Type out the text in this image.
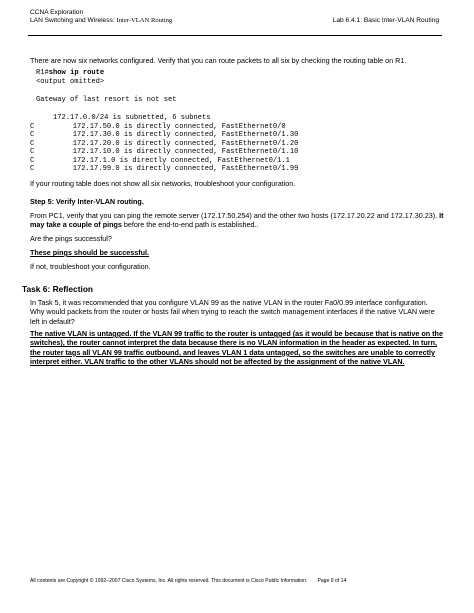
CCNA Exploration
LAN Switching and Wireless: Inter-VLAN Routing	Lab 6.4.1: Basic Inter-VLAN Routing
There are now six networks configured. Verify that you can route packets to all six by checking the routing table on R1.
R1#show ip route
<output omitted>
Gateway of last resort is not set
172.17.0.0/24 is subnetted, 6 subnets
C	172.17.50.0 is directly connected, FastEthernet0/0
C	172.17.30.0 is directly connected, FastEthernet0/1.30
C	172.17.20.0 is directly connected, FastEthernet0/1.20
C	172.17.10.0 is directly connected, FastEthernet0/1.10
C	172.17.1.0 is directly connected, FastEthernet0/1.1
C	172.17.99.0 is directly connected, FastEthernet0/1.99
If your routing table does not show all six networks, troubleshoot your configuration.
Step 5: Verify Inter-VLAN routing.
From PC1, verify that you can ping the remote server (172.17.50.254) and the other two hosts (172.17.20.22 and 172.17.30.23). It may take a couple of pings before the end-to-end path is established..
Are the pings successful?
These pings should be successful.
If not, troubleshoot your configuration.
Task 6: Reflection
In Task 5, it was recommended that you configure VLAN 99 as the native VLAN in the router Fa0/0.99 interface configuration. Why would packets from the router or hosts fail when trying to reach the switch management interfaces if the native VLAN were left in default?
The native VLAN is untagged. If the VLAN 99 traffic to the router is untagged (as it would be because that is native on the switches), the router cannot interpret the data because there is no VLAN information in the header as expected. In turn, the router tags all VLAN 99 traffic outbound, and leaves VLAN 1 data untagged, so the switches are unable to correctly interpret either. VLAN traffic to the other VLANs should not be affected by the assignment of the native VLAN.
All contents are Copyright © 1992–2007 Cisco Systems, Inc. All rights reserved. This document is Cisco Public Information. Page 9 of 14
